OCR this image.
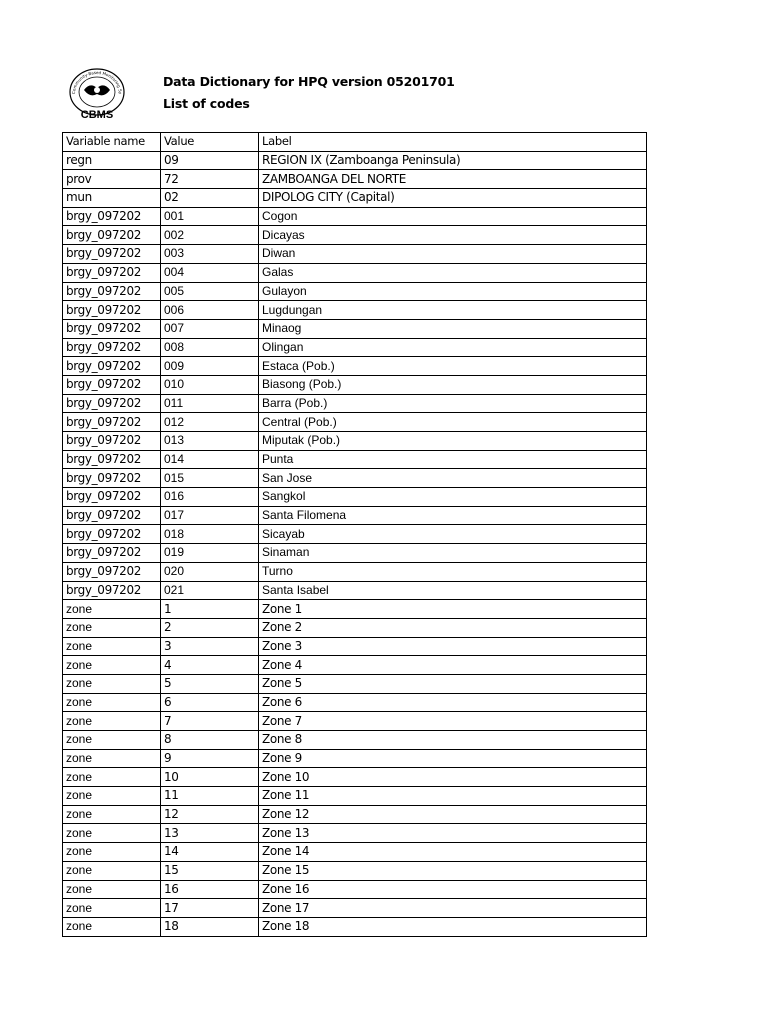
Community-Based Monitoring Sy
CBMS
Data Dictionary for HPQ version 05201701
List of codes
Variable name	Value	Label
regn	09	REGION IX (Zamboanga Peninsula)
prov	72	ZAMBOANGA DEL NORTE
mun	02	DIPOLOG CITY (Capital)
brgy_097202	001	Cogon
brgy_097202	002	Dicayas
brgy_097202	003	Diwan
brgy_097202	004	Galas
brgy_097202	005	Gulayon
brgy_097202	006	Lugdungan
brgy_097202	007	Minaog
brgy_097202	008	Olingan
brgy_097202	009	Estaca (Pob.)
brgy_097202	010	Biasong (Pob.)
brgy_097202	011	Barra (Pob.)
brgy_097202	012	Central (Pob.)
brgy_097202	013	Miputak (Pob.)
brgy_097202	014	Punta
brgy_097202	015	San Jose
brgy_097202	016	Sangkol
brgy_097202	017	Santa Filomena
brgy_097202	018	Sicayab
brgy_097202	019	Sinaman
brgy_097202	020	Turno
brgy_097202	021	Santa Isabel
zone	1	Zone 1
zone	2	Zone 2
zone	3	Zone 3
zone	4	Zone 4
zone	5	Zone 5
zone	6	Zone 6
zone	7	Zone 7
zone	8	Zone 8
zone	9	Zone 9
zone	10	Zone 10
zone	11	Zone 11
zone	12	Zone 12
zone	13	Zone 13
zone	14	Zone 14
zone	15	Zone 15
zone	16	Zone 16
zone	17	Zone 17
zone	18	Zone 18
